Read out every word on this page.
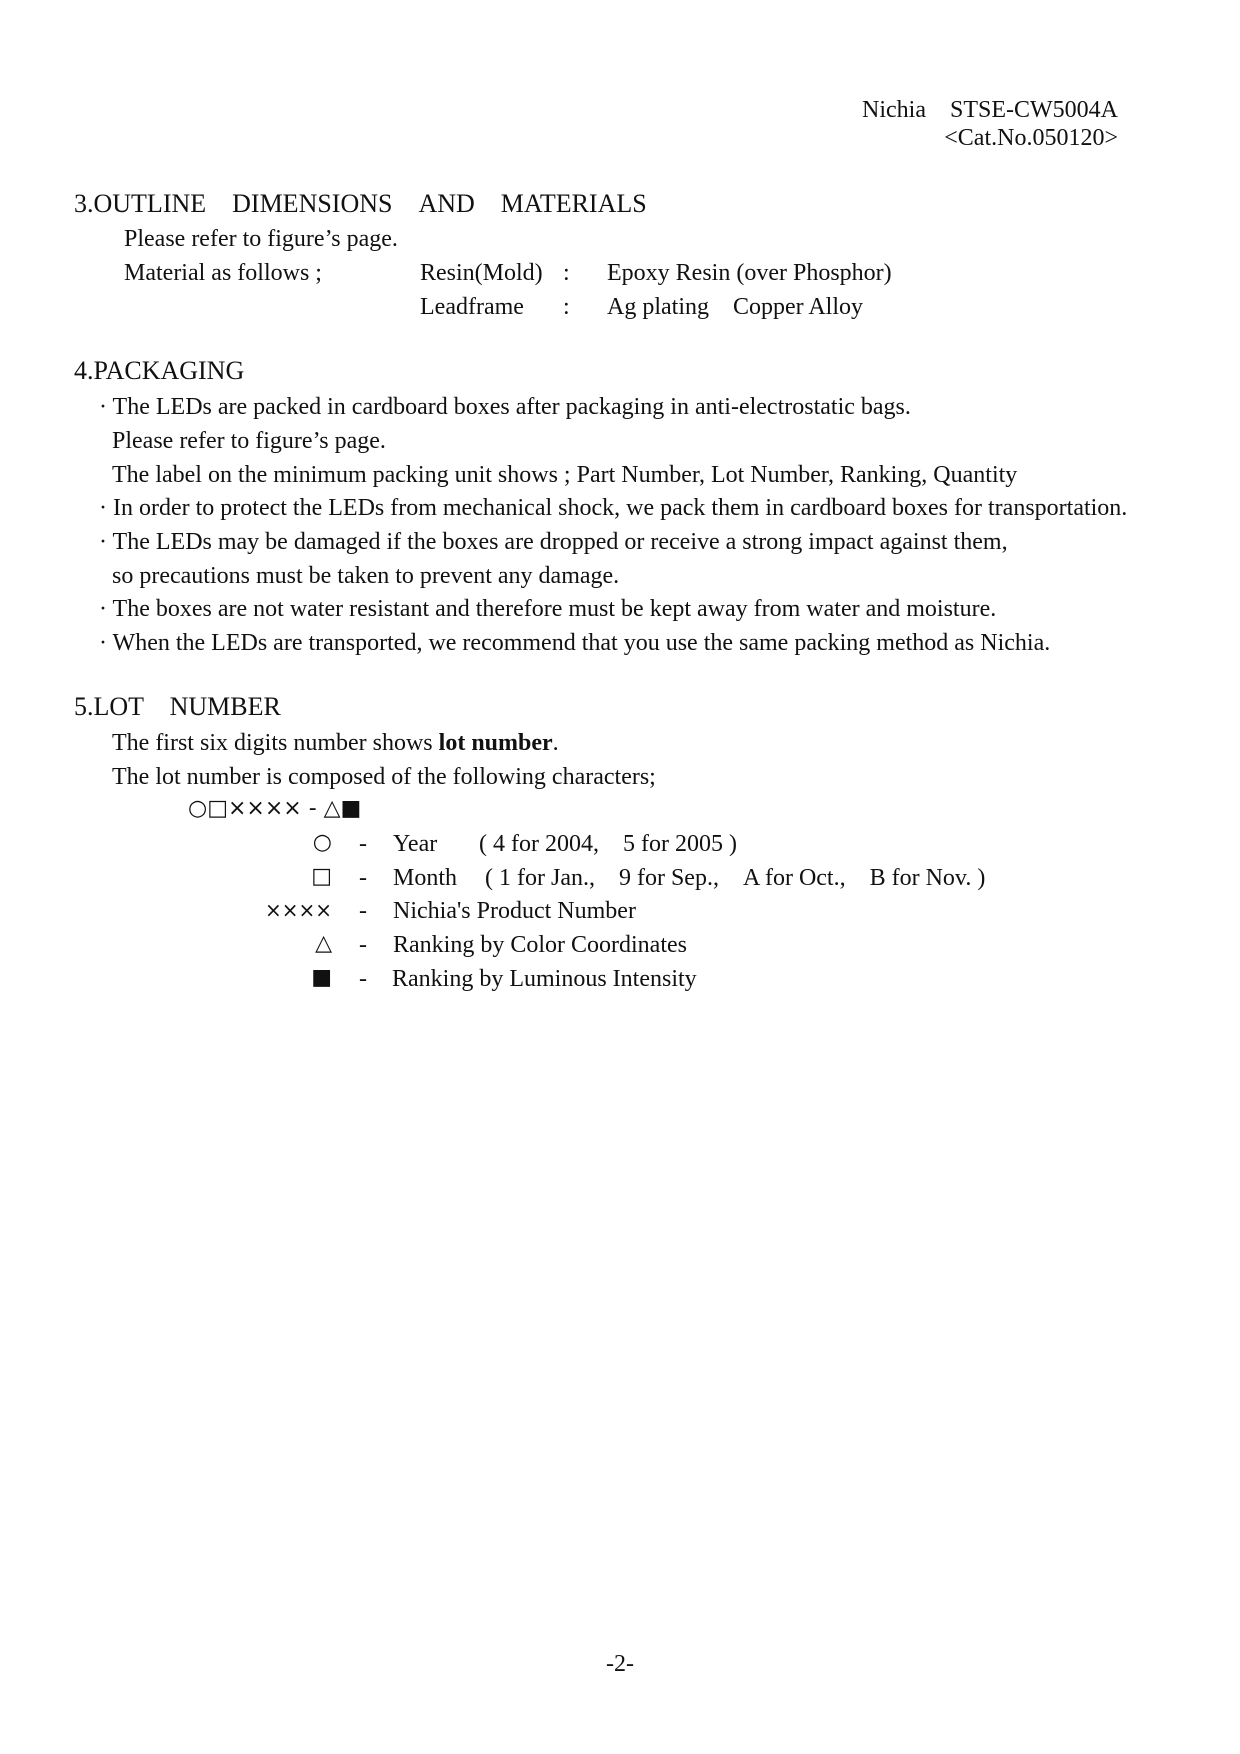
Nichia　STSE-CW5004A
<Cat.No.050120>
3.OUTLINE　DIMENSIONS　AND　MATERIALS
Please refer to figure’s page.
Material as follows ;	Resin(Mold) : Epoxy Resin (over Phosphor)
Leadframe : Ag plating　Copper Alloy
4.PACKAGING
· The LEDs are packed in cardboard boxes after packaging in anti-electrostatic bags.
Please refer to figure’s page.
The label on the minimum packing unit shows ; Part Number, Lot Number, Ranking, Quantity
· In order to protect the LEDs from mechanical shock, we pack them in cardboard boxes for transportation.
· The LEDs may be damaged if the boxes are dropped or receive a strong impact against them,
so precautions must be taken to prevent any damage.
· The boxes are not water resistant and therefore must be kept away from water and moisture.
· When the LEDs are transported, we recommend that you use the same packing method as Nichia.
5.LOT　NUMBER
The first six digits number shows lot number.
The lot number is composed of the following characters;
○□×××× - △■
○ - Year ( 4 for 2004,　5 for 2005 )
□ - Month ( 1 for Jan.,　9 for Sep.,　A for Oct.,　B for Nov. )
×××× - Nichia's Product Number
△ - Ranking by Color Coordinates
■ - Ranking by Luminous Intensity
-2-
